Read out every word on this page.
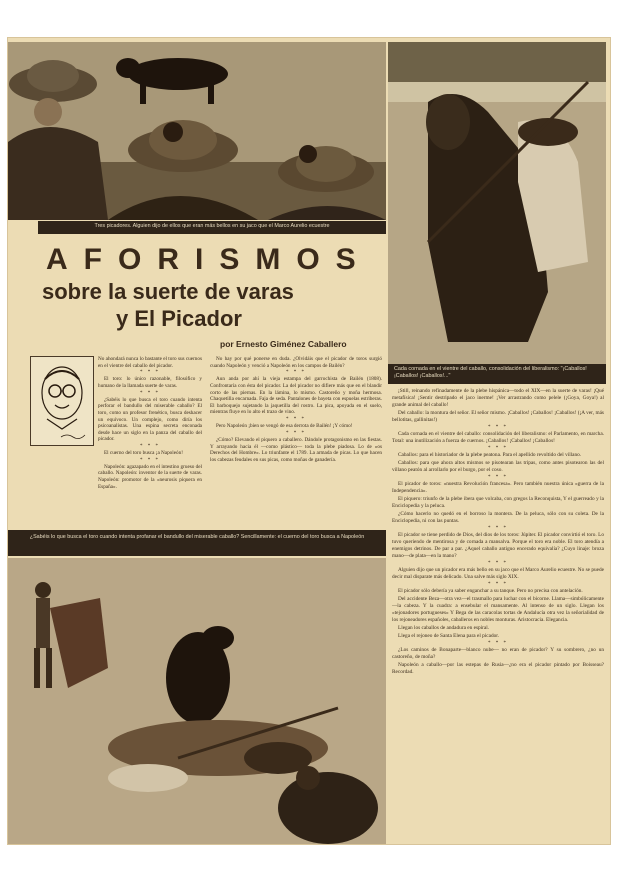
Tres picadores. Alguien dijo de ellos que eran más bellos en su jaco que el Marco Aurelio ecuestre
Cada cornada en el vientre del caballo, consolidación del liberalismo: "¡Caballos! ¡Caballos! ¡Caballos!..."
AFORISMOS
sobre la suerte de varas
y El Picador
por Ernesto Giménez Caballero

No ahondará nunca lo bastante el toro sus cuernos en el vientre del caballo del picador.

* * *

El toro: lo único razonable, filosófico y humano de la llamada suerte de varas.

* * *

¿Sabéis lo que busca el toro cuando intenta perforar el bandullo del miserable caballo? El toro, como un profesor frenético, busca deshacer un equívoco. Un complejo, como diría los psicoanalistas. Una espina secreta enconada desde hace un siglo en la panza del caballo del picador.

* * *

El cuerno del toro busca ¡a Napoleón!

* * *

Napoleón: agazapado en el intestino grueso del caballo. Napoleón: inventor de la suerte de varas. Napoleón: promotor de la «neurosis piquera en España».

No hay por qué ponerse en duda. ¿Olvidáis que el picador de toros surgió cuando Napoleón y venció a Napoleón en los campos de Bailén?

* * *

Aun anda por ahí la vieja estampa del garrochista de Bailén (1808). Confrontaría con ésta del picador. La del picador no difiere más que en el blandir corto de las piernas. En la lámina, lo mismo. Castoreño y moña hermosa. Chaquetilla encarnada. Faja de seda. Pantalones de bayeta con espuelas estriberas. El barboquejo sujetando la jaquetilla del rostro. La pica, apoyada en el suelo, mientras fluye en lo alto el trazo de vino.

* * *

Pero Napoleón ¡bien se vengó de esa derrota de Bailén! ¡Y cómo!

* * *

¿Cómo? Elevando el piquero a caballero. Dándole protagonismo en las fiestas. Y arrayando hacia él —como plástico— toda la plebe piadosa. Lo de «os Derechos del Hombre». Lo triunfante el 1789. La armada de picas. Lo que hacen los cabezas feudales en sus picas, como moñas de ganadería.

¿Sabéis lo que busca el toro cuando intenta profanar el bandullo del miserable caballo? Sencillamente: el cuerno del toro busca a Napoleón

¡Still, reinando refinadamente de la plebe hispánica—todo el XIX—en la suerte de varas! ¡Qué metafísica! ¡Sentir destripado el jaco inerme! ¡Ver arrastrando como pelele (¡Goya, Goya!) al grande animal del caballo!

Del caballo: la montura del señor. El señor mismo. ¡Caballos! ¡Caballos! ¡Caballos! (¡A ver, más bellotitas, gallinitas!)

* * *

Cada cornada en el vientre del caballo: consolidación del liberalismo: el Parlamento, en marcha. Total: una inutilización a fuerza de cuernos. ¡Caballos! ¡Caballos! ¡Caballos!

* * *

Caballos: para el historiador de la plebe peatona. Para el apellido revoltido del villano.

Caballos: para que ahora altos mismos se pisotearan las tripas, como antes pisotearon las del villano peatón al arrollarlo por el burgo, por el coso.

* * *

El picador de toros: «nuestra Revolución francesa». Pero también nuestra única «guerra de la Independencia».

El piquero: triunfo de la plebe ibera que volcaba, con gregos la Reconquista, Y el guerreado y la Enciclopedia y la peluca.

¿Cómo hacerlo no quedó en el borroso la montera. De la peluca, sólo con su coleta. De la Enciclopedia, ni con las puntas.

* * *

El picador se tiene perdido de Dios, del dios de los toros: Júpiter. El picador convirtió el toro. Lo tuvo queriendo de mentirosa y de cornada a mansalva. Porque el toro era noble. El toro atendía a enemigos detrinos. De par a par. ¿Aquel caballo antiguo encerado equivalía? ¿Cuyo linaje: broza mano—de plata—en la mano?

* * *

Alguien dijo que un picador era más bello en su jaco que el Marco Aurelio ecuestre. No se puede decir mal disparate más delicado. Una salve más siglo XIX.

* * *

El picador sólo debería ya saber enganchar a su tanque. Pero no precisa con antelación.

Del accidente Beza—otra vez—el trasmallo para luchar con el bicorne. Llama—simbólicamente—la cabeza. Y la cuadra: a ensebular el mansamente. Al intenso de un siglo. Llegan los «tejonadores portugueses» Y Bega de las caracolas tortas de Andalucía otra vez la señorialidad de los rejoneadores españoles, caballeros en nobles monturas. Aristocracia. Elegancia.

Llegan los caballos de andadura en espiral.

Llega el rejoneo de Santa Elena para el picador.

* * *

¿Los caminos de Bonaparte—blanco nube— no eran de picador? Y su sombrero, ¿no un castoreño, de moña?

Napoleón a caballo—por las estepas de Rusia—¿no era el picador pintado por Boisseau? Recordad.
